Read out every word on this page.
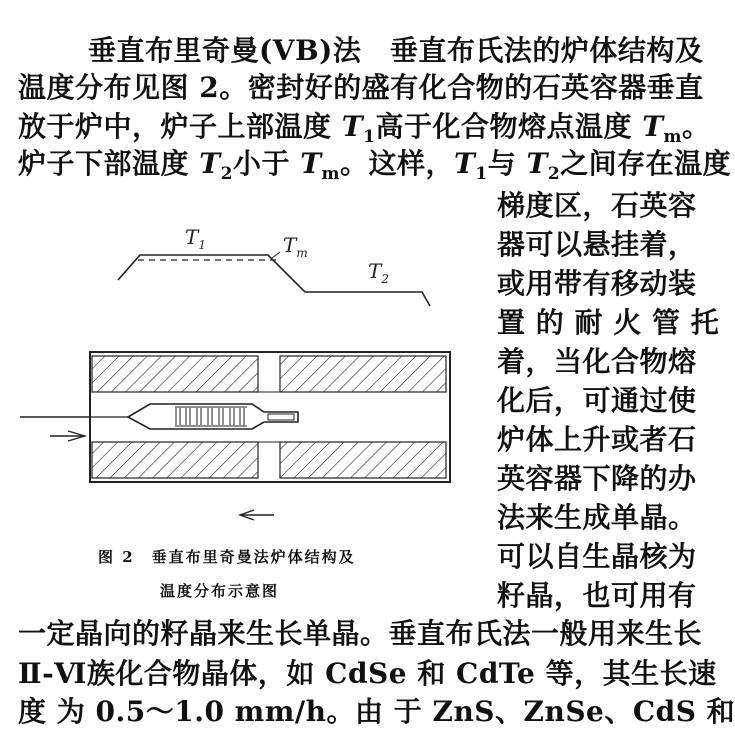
垂直布里奇曼(VB)法　垂直布氏法的炉体结构及
温度分布见图 2。密封好的盛有化合物的石英容器垂直
放于炉中，炉子上部温度 $T_1$高于化合物熔点温度 $T_m$。
炉子下部温度 $T_2$小于 $T_m$。这样，$T_1$与 $T_2$之间存在温度
梯度区，石英容
器可以悬挂着，
或用带有移动装
置 的 耐 火 管 托
着，当化合物熔
化后，可通过使
炉体上升或者石
英容器下降的办
法来生成单晶。
可以自生晶核为
籽晶，也可用有
$T_1$	$T_m$
$T_2$
图 2　垂直布里奇曼法炉体结构及
温度分布示意图
一定晶向的籽晶来生长单晶。垂直布氏法一般用来生长
Ⅱ-Ⅵ族化合物晶体，如 CdSe 和 CdTe 等，其生长速
度 为 0.5～1.0 mm/h。由 于 ZnS、ZnSe、CdS 和
